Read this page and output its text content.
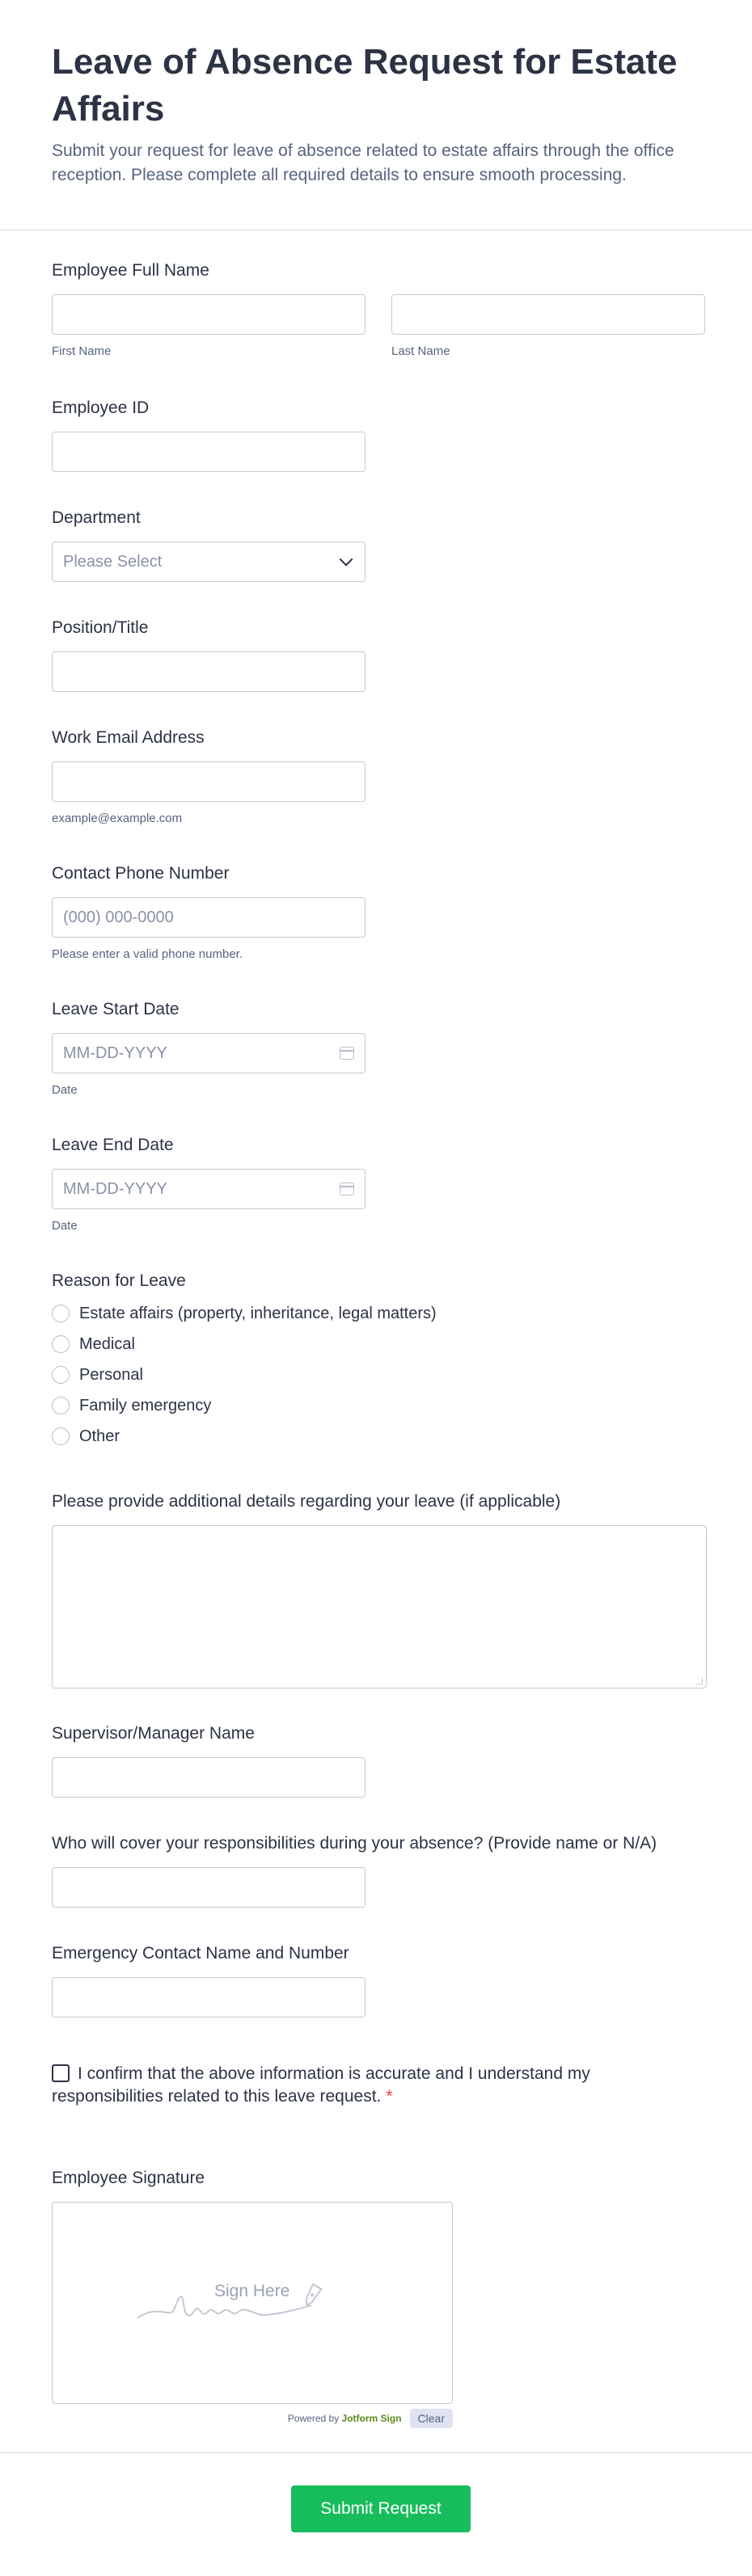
Leave of Absence Request for Estate Affairs
Submit your request for leave of absence related to estate affairs through the office reception. Please complete all required details to ensure smooth processing.
Employee Full Name
First Name	Last Name
Employee ID
Department
Please Select
Position/Title
Work Email Address
example@example.com
Contact Phone Number
(000) 000-0000
Please enter a valid phone number.
Leave Start Date
MM-DD-YYYY
Date
Leave End Date
MM-DD-YYYY
Date
Reason for Leave
Estate affairs (property, inheritance, legal matters)
Medical
Personal
Family emergency
Other
Please provide additional details regarding your leave (if applicable)
Supervisor/Manager Name
Who will cover your responsibilities during your absence? (Provide name or N/A)
Emergency Contact Name and Number
I confirm that the above information is accurate and I understand my responsibilities related to this leave request. *
Employee Signature
Sign Here
Powered by Jotform Sign	Clear
Submit Request
